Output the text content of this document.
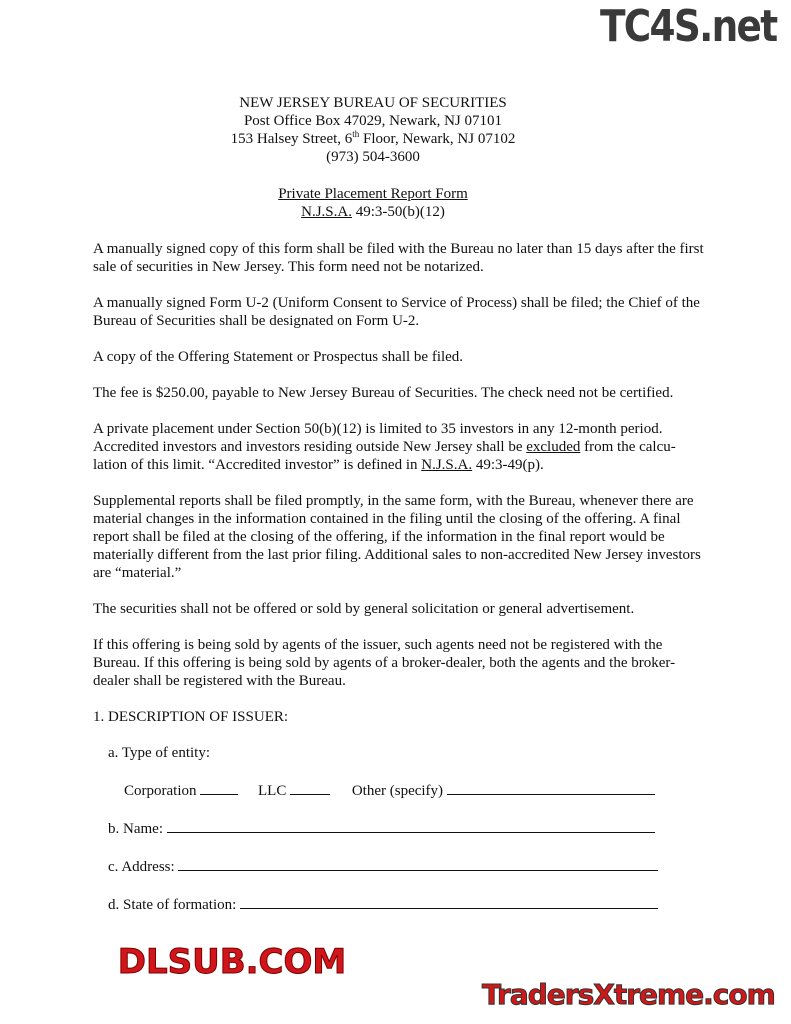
TC4S.net
NEW JERSEY BUREAU OF SECURITIES
Post Office Box 47029, Newark, NJ 07101
153 Halsey Street, 6th Floor, Newark, NJ 07102
(973) 504-3600
Private Placement Report Form
N.J.S.A. 49:3-50(b)(12)
A manually signed copy of this form shall be filed with the Bureau no later than 15 days after the first sale of securities in New Jersey. This form need not be notarized.
A manually signed Form U-2 (Uniform Consent to Service of Process) shall be filed; the Chief of the Bureau of Securities shall be designated on Form U-2.
A copy of the Offering Statement or Prospectus shall be filed.
The fee is $250.00, payable to New Jersey Bureau of Securities. The check need not be certified.
A private placement under Section 50(b)(12) is limited to 35 investors in any 12-month period. Accredited investors and investors residing outside New Jersey shall be excluded from the calcu-lation of this limit. “Accredited investor” is defined in N.J.S.A. 49:3-49(p).
Supplemental reports shall be filed promptly, in the same form, with the Bureau, whenever there are material changes in the information contained in the filing until the closing of the offering. A final report shall be filed at the closing of the offering, if the information in the final report would be materially different from the last prior filing. Additional sales to non-accredited New Jersey investors are “material.”
The securities shall not be offered or sold by general solicitation or general advertisement.
If this offering is being sold by agents of the issuer, such agents need not be registered with the Bureau. If this offering is being sold by agents of a broker-dealer, both the agents and the broker-dealer shall be registered with the Bureau.
1. DESCRIPTION OF ISSUER:
a. Type of entity:
Corporation	LLC	Other (specify)
b. Name:
c. Address:
d. State of formation:
DLSUB.COM
TradersXtreme.com
